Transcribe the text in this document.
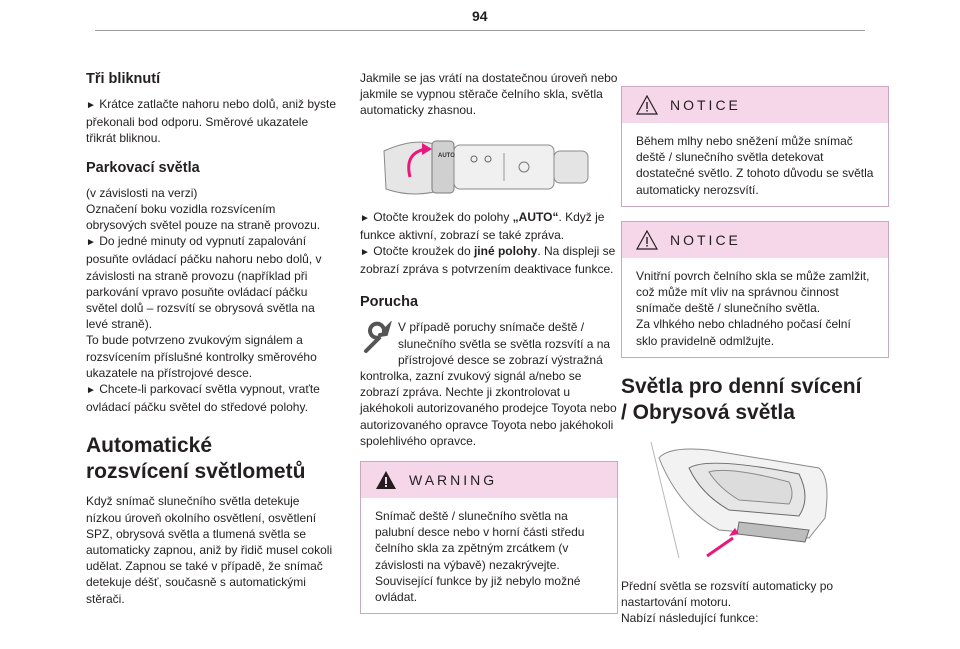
94
Tři bliknutí

► Krátce zatlačte nahoru nebo dolů, aniž byste překonali bod odporu. Směrové ukazatele třikrát bliknou.

Parkovací světla

(v závislosti na verzi)
Označení boku vozidla rozsvícením obrysových světel pouze na straně provozu.
► Do jedné minuty od vypnutí zapalování posuňte ovládací páčku nahoru nebo dolů, v závislosti na straně provozu (například při parkování vpravo posuňte ovládací páčku světel dolů – rozsvítí se obrysová světla na levé straně).
To bude potvrzeno zvukovým signálem a rozsvícením příslušné kontrolky směrového ukazatele na přístrojové desce.
► Chcete-li parkovací světla vypnout, vraťte ovládací páčku světel do středové polohy.

Automatické rozsvícení světlometů

Když snímač slunečního světla detekuje nízkou úroveň okolního osvětlení, osvětlení SPZ, obrysová světla a tlumená světla se automaticky zapnou, aniž by řidič musel cokoli udělat. Zapnou se také v případě, že snímač detekuje déšť, současně s automatickými stěrači.

Jakmile se jas vrátí na dostatečnou úroveň nebo jakmile se vypnou stěrače čelního skla, světla automaticky zhasnou.

AUTO

► Otočte kroužek do polohy „AUTO“. Když je funkce aktivní, zobrazí se také zpráva.
► Otočte kroužek do jiné polohy. Na displeji se zobrazí zpráva s potvrzením deaktivace funkce.

Porucha

V případě poruchy snímače deště / slunečního světla se světla rozsvítí a na přístrojové desce se zobrazí výstražná kontrolka, zazní zvukový signál a/nebo se zobrazí zpráva. Nechte ji zkontrolovat u jakéhokoli autorizovaného prodejce Toyota nebo autorizovaného opravce Toyota nebo jakéhokoli spolehlivého opravce.

WARNING

Snímač deště / slunečního světla na palubní desce nebo v horní části středu čelního skla za zpětným zrcátkem (v závislosti na výbavě) nezakrývejte. Související funkce by již nebylo možné ovládat.

NOTICE

Během mlhy nebo sněžení může snímač deště / slunečního světla detekovat dostatečné světlo. Z tohoto důvodu se světla automaticky nerozsvítí.

NOTICE

Vnitřní povrch čelního skla se může zamlžit, což může mít vliv na správnou činnost snímače deště / slunečního světla.
Za vlhkého nebo chladného počasí čelní sklo pravidelně odmlžujte.

Světla pro denní svícení / Obrysová světla

Přední světla se rozsvítí automaticky po nastartování motoru.
Nabízí následující funkce:
